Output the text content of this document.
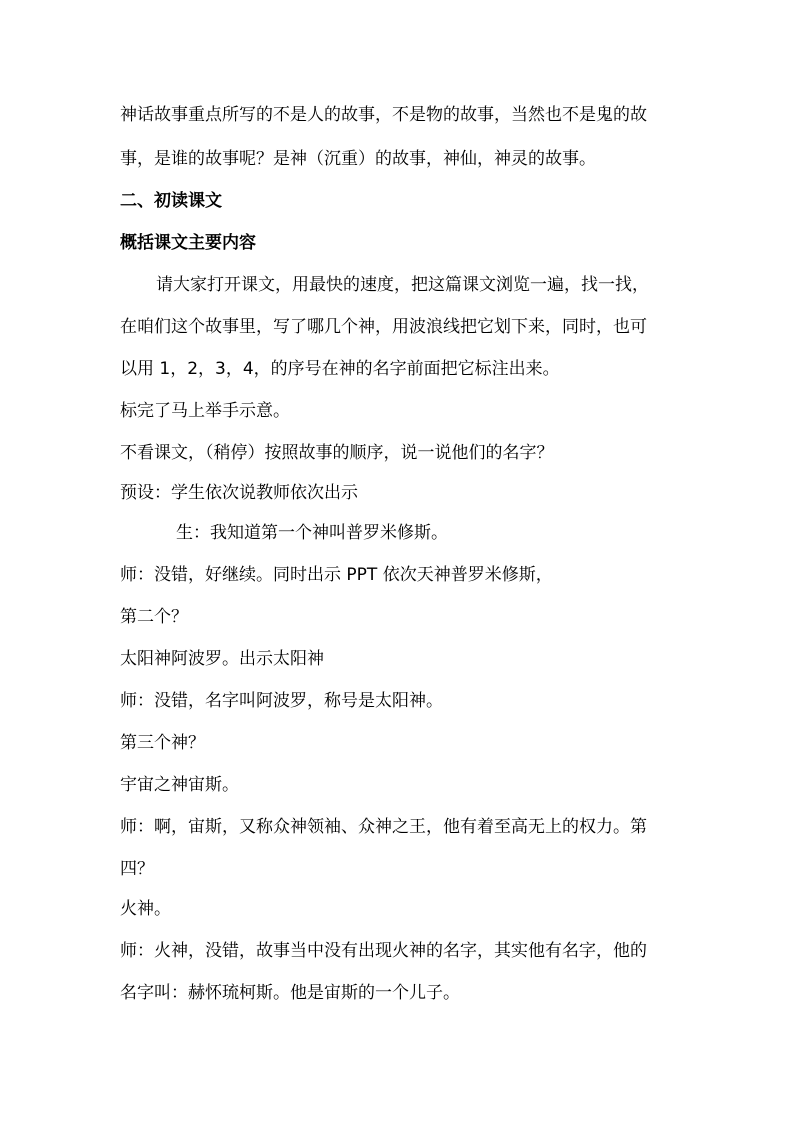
神话故事重点所写的不是人的故事，不是物的故事，当然也不是鬼的故
事，是谁的故事呢？是神（沉重）的故事，神仙，神灵的故事。
二、初读课文
概括课文主要内容
请大家打开课文，用最快的速度，把这篇课文浏览一遍，找一找，
在咱们这个故事里，写了哪几个神，用波浪线把它划下来，同时，也可
以用 1，2，3，4，的序号在神的名字前面把它标注出来。
标完了马上举手示意。
不看课文，（稍停）按照故事的顺序，说一说他们的名字？
预设：学生依次说教师依次出示
生：我知道第一个神叫普罗米修斯。
师：没错，好继续。同时出示 PPT 依次天神普罗米修斯，
第二个？
太阳神阿波罗。出示太阳神
师：没错，名字叫阿波罗，称号是太阳神。
第三个神？
宇宙之神宙斯。
师：啊，宙斯，又称众神领袖、众神之王，他有着至高无上的权力。第
四？
火神。
师：火神，没错，故事当中没有出现火神的名字，其实他有名字，他的
名字叫：赫怀琉柯斯。他是宙斯的一个儿子。
